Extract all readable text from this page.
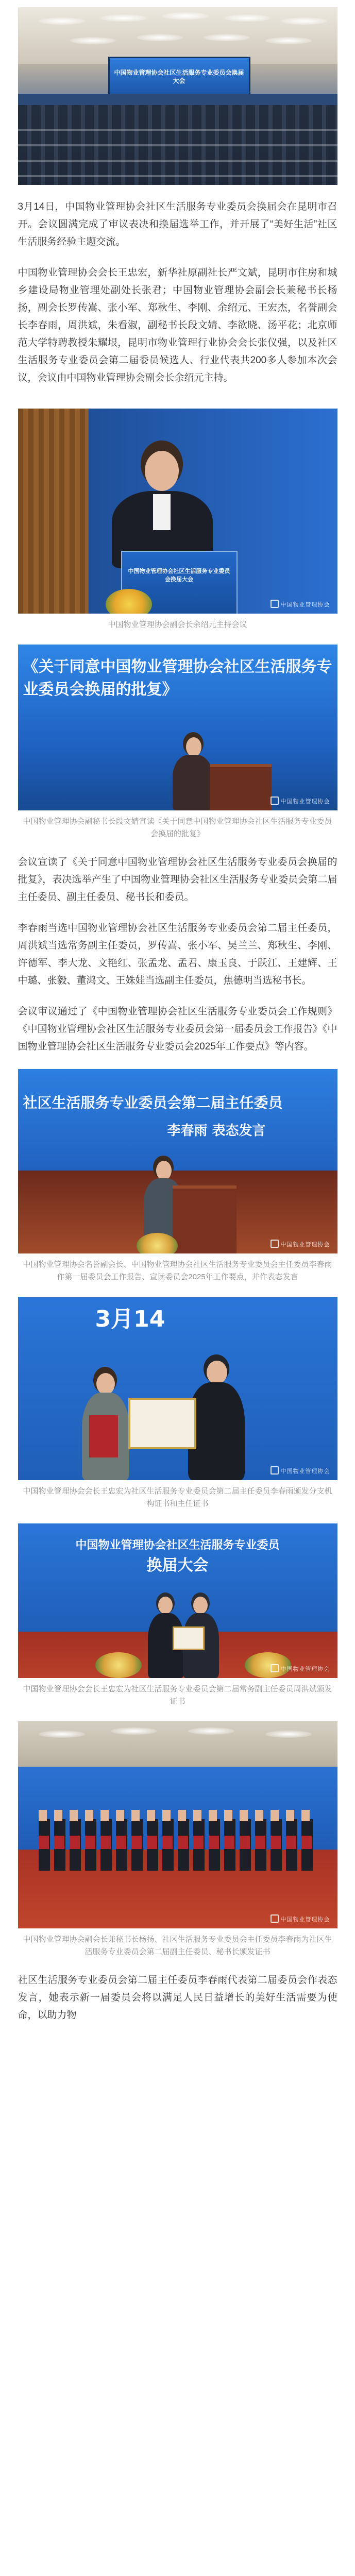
中国物业管理协会社区生活服务专业委员会换届大会

3月14日，中国物业管理协会社区生活服务专业委员会换届会在昆明市召开。会议圆满完成了审议表决和换届选举工作，并开展了“美好生活”社区生活服务经验主题交流。

中国物业管理协会会长王忠宏，新华社原副社长严文斌，昆明市住房和城乡建设局物业管理处副处长张君；中国物业管理协会副会长兼秘书长杨扬，副会长罗传嵩、张小军、郑秋生、李刚、余绍元、王宏杰，名誉副会长李春雨，周洪斌，朱看淑，副秘书长段文婧、李欲晓、汤平花；北京师范大学特聘教授朱耀垠，昆明市物业管理行业协会会长张仪强，以及社区生活服务专业委员会第二届委员候选人、行业代表共200多人参加本次会议，会议由中国物业管理协会副会长余绍元主持。

中国物业管理协会社区生活服务专业委员会换届大会
中国物业管理协会

中国物业管理协会副会长余绍元主持会议

《关于同意中国物业管理协会社区生活服务专业委员会换届的批复》
中国物业管理协会

中国物业管理协会副秘书长段文婧宣读《关于同意中国物业管理协会社区生活服务专业委员会换届的批复》

会议宣读了《关于同意中国物业管理协会社区生活服务专业委员会换届的批复》，表决选举产生了中国物业管理协会社区生活服务专业委员会第二届主任委员、副主任委员、秘书长和委员。

李春雨当选中国物业管理协会社区生活服务专业委员会第二届主任委员，周洪斌当选常务副主任委员，罗传嵩、张小军、吴兰兰、郑秋生、李刚、许德军、李大龙、文艳红、张孟龙、孟君、康玉良、于跃江、王建辉、王中璐、张毅、董鸿文、王姝娃当选副主任委员，焦德明当选秘书长。

会议审议通过了《中国物业管理协会社区生活服务专业委员会工作规则》《中国物业管理协会社区生活服务专业委员会第一届委员会工作报告》《中国物业管理协会社区生活服务专业委员会2025年工作要点》等内容。

社区生活服务专业委员会第二届主任委员
李春雨 表态发言
中国物业管理协会

中国物业管理协会名誉副会长、中国物业管理协会社区生活服务专业委员会主任委员李春雨作第一届委员会工作报告、宣读委员会2025年工作要点，并作表态发言

3月14
中国物业管理协会

中国物业管理协会会长王忠宏为社区生活服务专业委员会第二届主任委员李春雨颁发分支机构证书和主任证书

中国物业管理协会社区生活服务专业委员
换届大会
中国物业管理协会

中国物业管理协会会长王忠宏为社区生活服务专业委员会第二届常务副主任委员周洪斌颁发证书

中国物业管理协会

中国物业管理协会副会长兼秘书长杨扬、社区生活服务专业委员会主任委员李春雨为社区生活服务专业委员会第二届副主任委员、秘书长颁发证书

社区生活服务专业委员会第二届主任委员李春雨代表第二届委员会作表态发言，她表示新一届委员会将以满足人民日益增长的美好生活需要为使命，以助力物
